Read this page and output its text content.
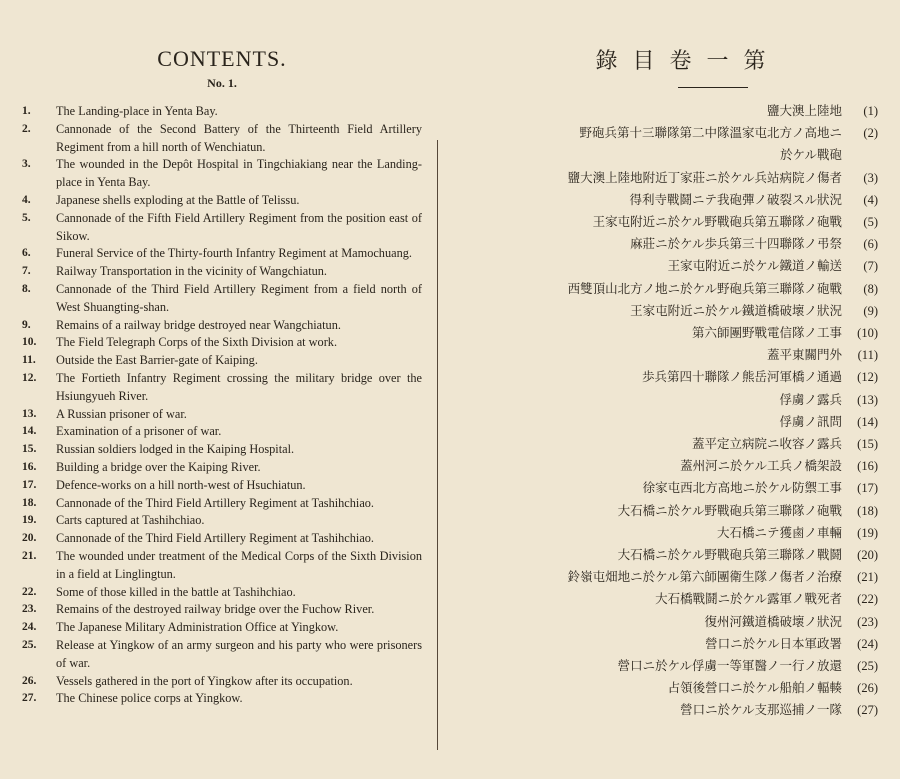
CONTENTS.
No. 1.
1.	The Landing-place in Yenta Bay.
2.	Cannonade of the Second Battery of the Thirteenth Field Artillery Regiment from a hill north of Wenchiatun.
3.	The wounded in the Depôt Hospital in Tingchiakiang near the Landing-place in Yenta Bay.
4.	Japanese shells exploding at the Battle of Telissu.
5.	Cannonade of the Fifth Field Artillery Regiment from the position east of Sikow.
6.	Funeral Service of the Thirty-fourth Infantry Regiment at Mamochuang.
7.	Railway Transportation in the vicinity of Wangchiatun.
8.	Cannonade of the Third Field Artillery Regiment from a field north of West Shuangting-shan.
9.	Remains of a railway bridge destroyed near Wangchiatun.
10.	The Field Telegraph Corps of the Sixth Division at work.
11.	Outside the East Barrier-gate of Kaiping.
12.	The Fortieth Infantry Regiment crossing the military bridge over the Hsiungyueh River.
13.	A Russian prisoner of war.
14.	Examination of a prisoner of war.
15.	Russian soldiers lodged in the Kaiping Hospital.
16.	Building a bridge over the Kaiping River.
17.	Defence-works on a hill north-west of Hsuchiatun.
18.	Cannonade of the Third Field Artillery Regiment at Tashihchiao.
19.	Carts captured at Tashihchiao.
20.	Cannonade of the Third Field Artillery Regiment at Tashihchiao.
21.	The wounded under treatment of the Medical Corps of the Sixth Division in a field at Linglingtun.
22.	Some of those killed in the battle at Tashihchiao.
23.	Remains of the destroyed railway bridge over the Fuchow River.
24.	The Japanese Military Administration Office at Yingkow.
25.	Release at Yingkow of an army surgeon and his party who were prisoners of war.
26.	Vessels gathered in the port of Yingkow after its occupation.
27.	The Chinese police corps at Yingkow.
錄目卷一第
鹽大澳上陸地	(1)
野砲兵第十三聯隊第二中隊溫家屯北方ノ高地ニ	(2)
於ケル戰砲
鹽大澳上陸地附近丁家莊ニ於ケル兵站病院ノ傷者	(3)
得利寺戰鬪ニテ我砲彈ノ破裂スル狀況	(4)
王家屯附近ニ於ケル野戰砲兵第五聯隊ノ砲戰	(5)
麻莊ニ於ケル歩兵第三十四聯隊ノ弔祭	(6)
王家屯附近ニ於ケル鐵道ノ輸送	(7)
西雙頂山北方ノ地ニ於ケル野砲兵第三聯隊ノ砲戰	(8)
王家屯附近ニ於ケル鐵道橋破壞ノ狀況	(9)
第六師團野戰電信隊ノ工事	(10)
蓋平東關門外	(11)
歩兵第四十聯隊ノ熊岳河軍橋ノ通過	(12)
俘虜ノ露兵	(13)
俘虜ノ訊問	(14)
蓋平定立病院ニ收容ノ露兵	(15)
蓋州河ニ於ケル工兵ノ橋架設	(16)
徐家屯西北方高地ニ於ケル防禦工事	(17)
大石橋ニ於ケル野戰砲兵第三聯隊ノ砲戰	(18)
大石橋ニテ獲鹵ノ車輛	(19)
大石橋ニ於ケル野戰砲兵第三聯隊ノ戰鬪	(20)
鈴嶺屯畑地ニ於ケル第六師團衛生隊ノ傷者ノ治療	(21)
大石橋戰鬪ニ於ケル露軍ノ戰死者	(22)
復州河鐵道橋破壞ノ狀況	(23)
營口ニ於ケル日本軍政署	(24)
營口ニ於ケル俘虜一等軍醫ノ一行ノ放還	(25)
占領後營口ニ於ケル船舶ノ輻輳	(26)
營口ニ於ケル支那巡捕ノ一隊	(27)
